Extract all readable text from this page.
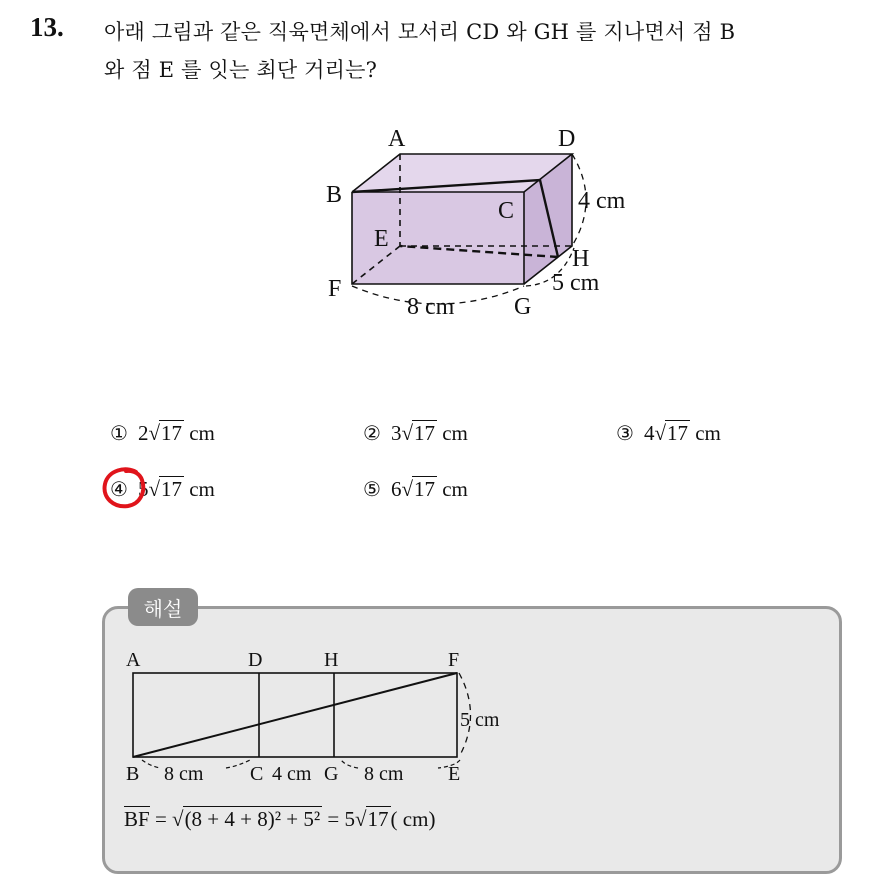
13. 아래 그림과 같은 직육면체에서 모서리 CD 와 GH 를 지나면서 점 B
와 점 E 를 잇는 최단 거리는?
A	D
B
C
E
H
F
G
4 cm
5 cm
8 cm
① 2√17 cm	② 3√17 cm	③ 4√17 cm
④ 5√17 cm	⑤ 6√17 cm
해설
A	D	H	F
B	C	G	E
8 cm	4 cm	8 cm
5 cm
BF = √(8 + 4 + 8)² + 5² = 5√17( cm)
